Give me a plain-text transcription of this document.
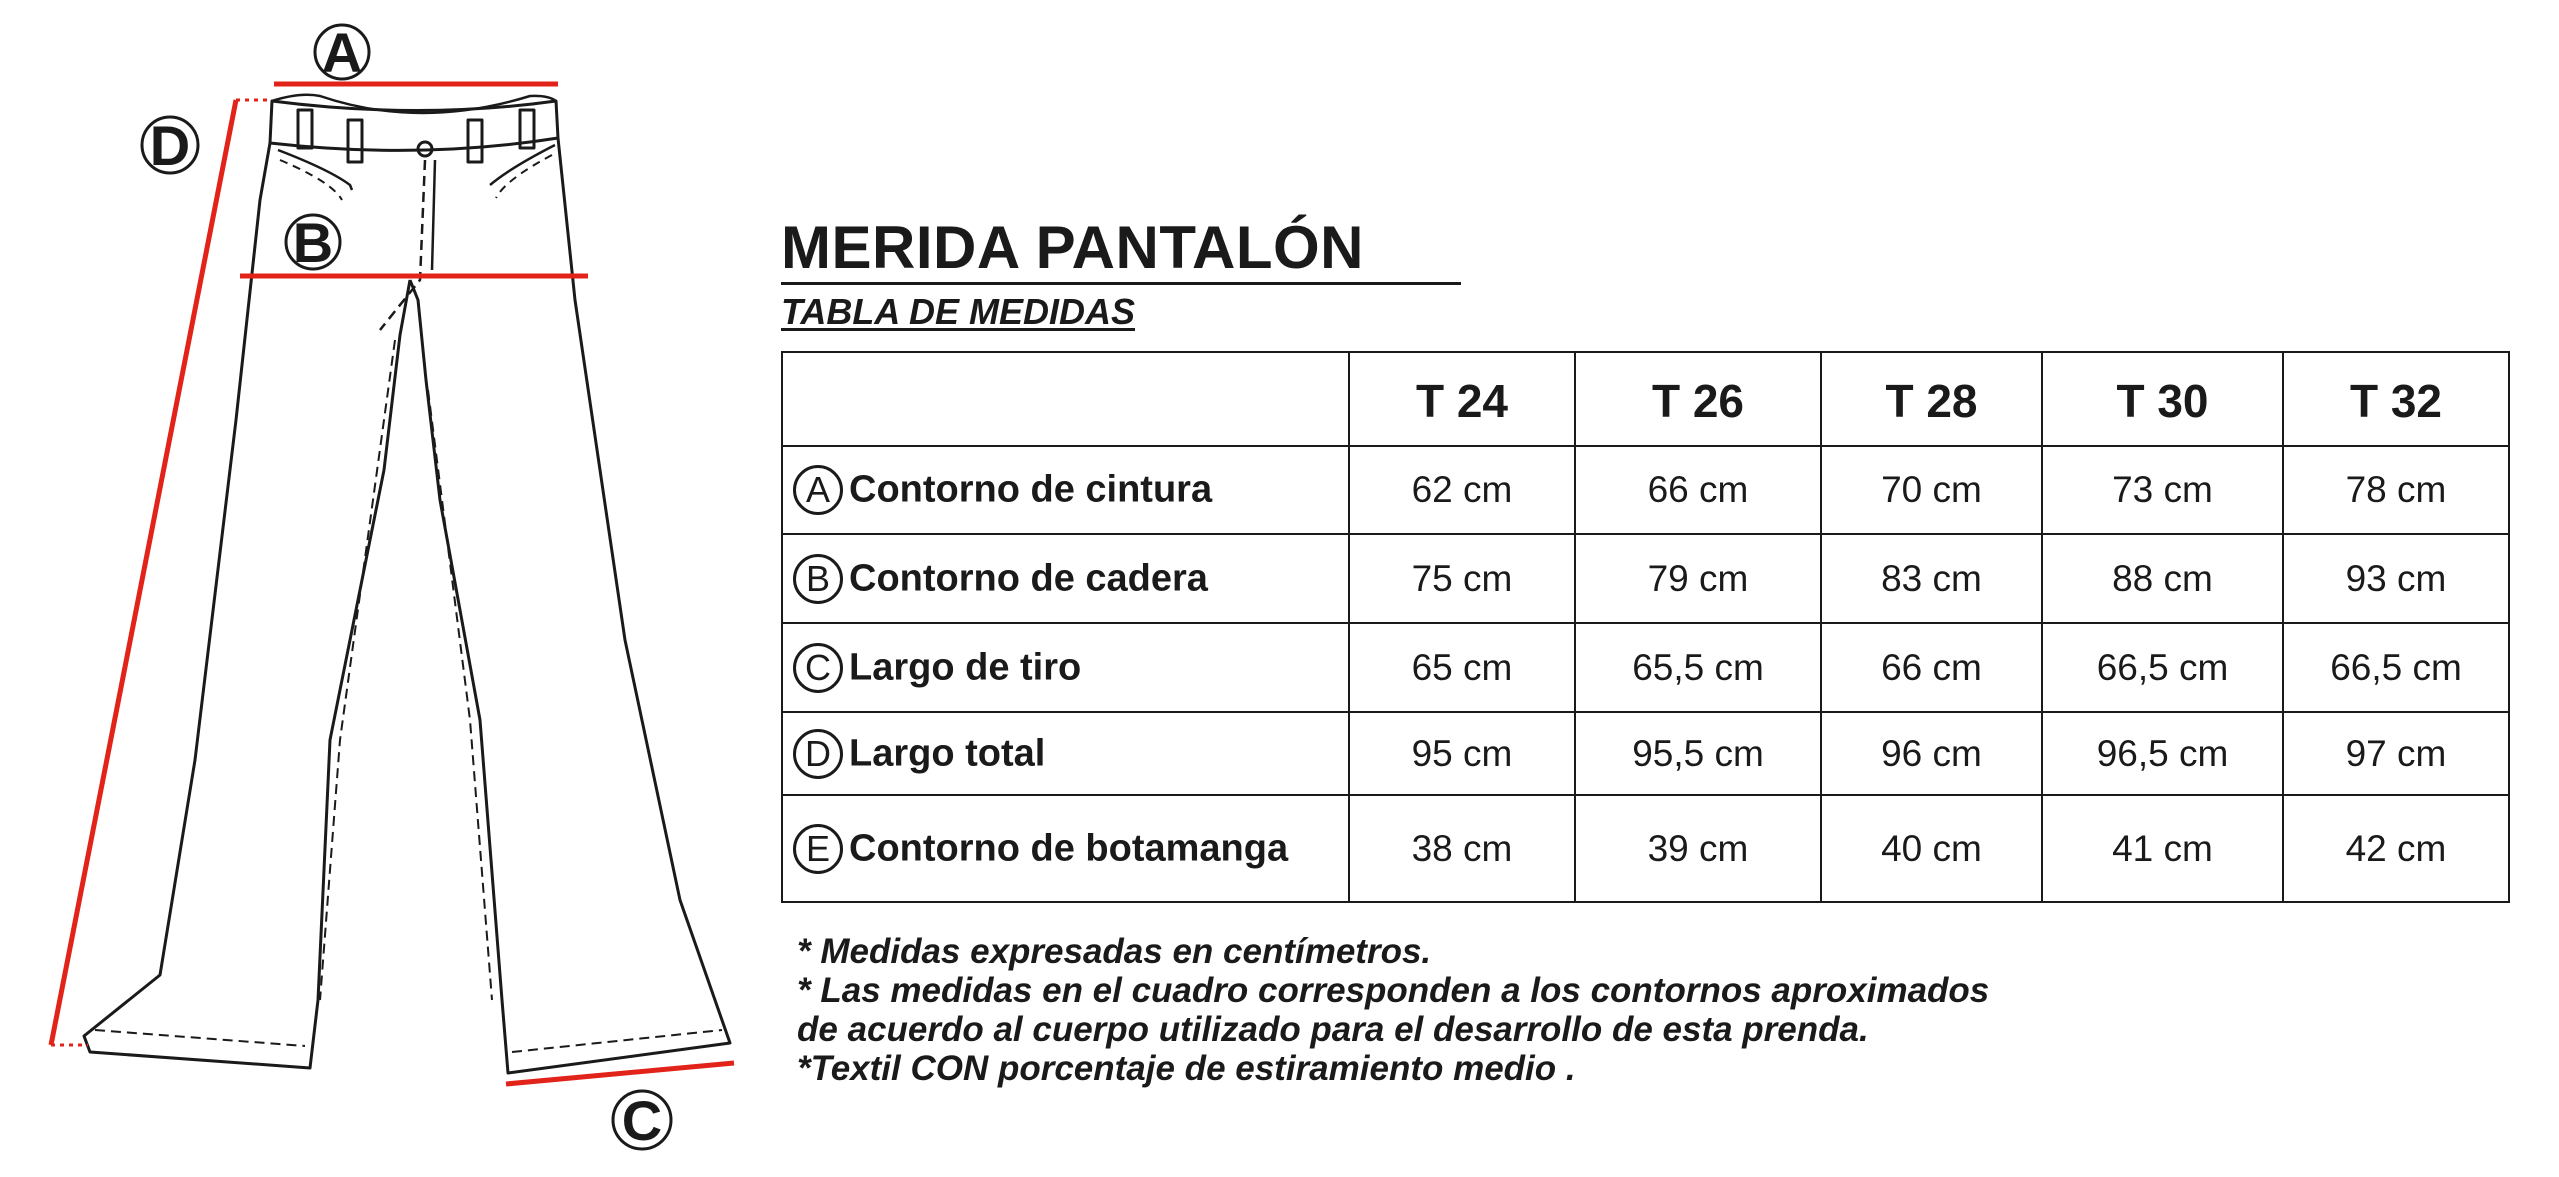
A
B
C
D
MERIDA PANTALÓN
TABLA DE MEDIDAS
	T 24	T 26	T 28	T 30	T 32
A Contorno de cintura	62 cm	66 cm	70 cm	73 cm	78 cm
B Contorno de cadera	75 cm	79 cm	83 cm	88 cm	93 cm
C Largo de tiro	65 cm	65,5 cm	66 cm	66,5 cm	66,5 cm
D Largo total	95 cm	95,5 cm	96 cm	96,5 cm	97 cm
E Contorno de botamanga	38 cm	39 cm	40 cm	41 cm	42 cm

* Medidas expresadas en centímetros.

* Las medidas en el cuadro corresponden a los contornos aproximados de acuerdo al cuerpo utilizado para el desarrollo de esta prenda.

*Textil CON porcentaje de estiramiento medio .
